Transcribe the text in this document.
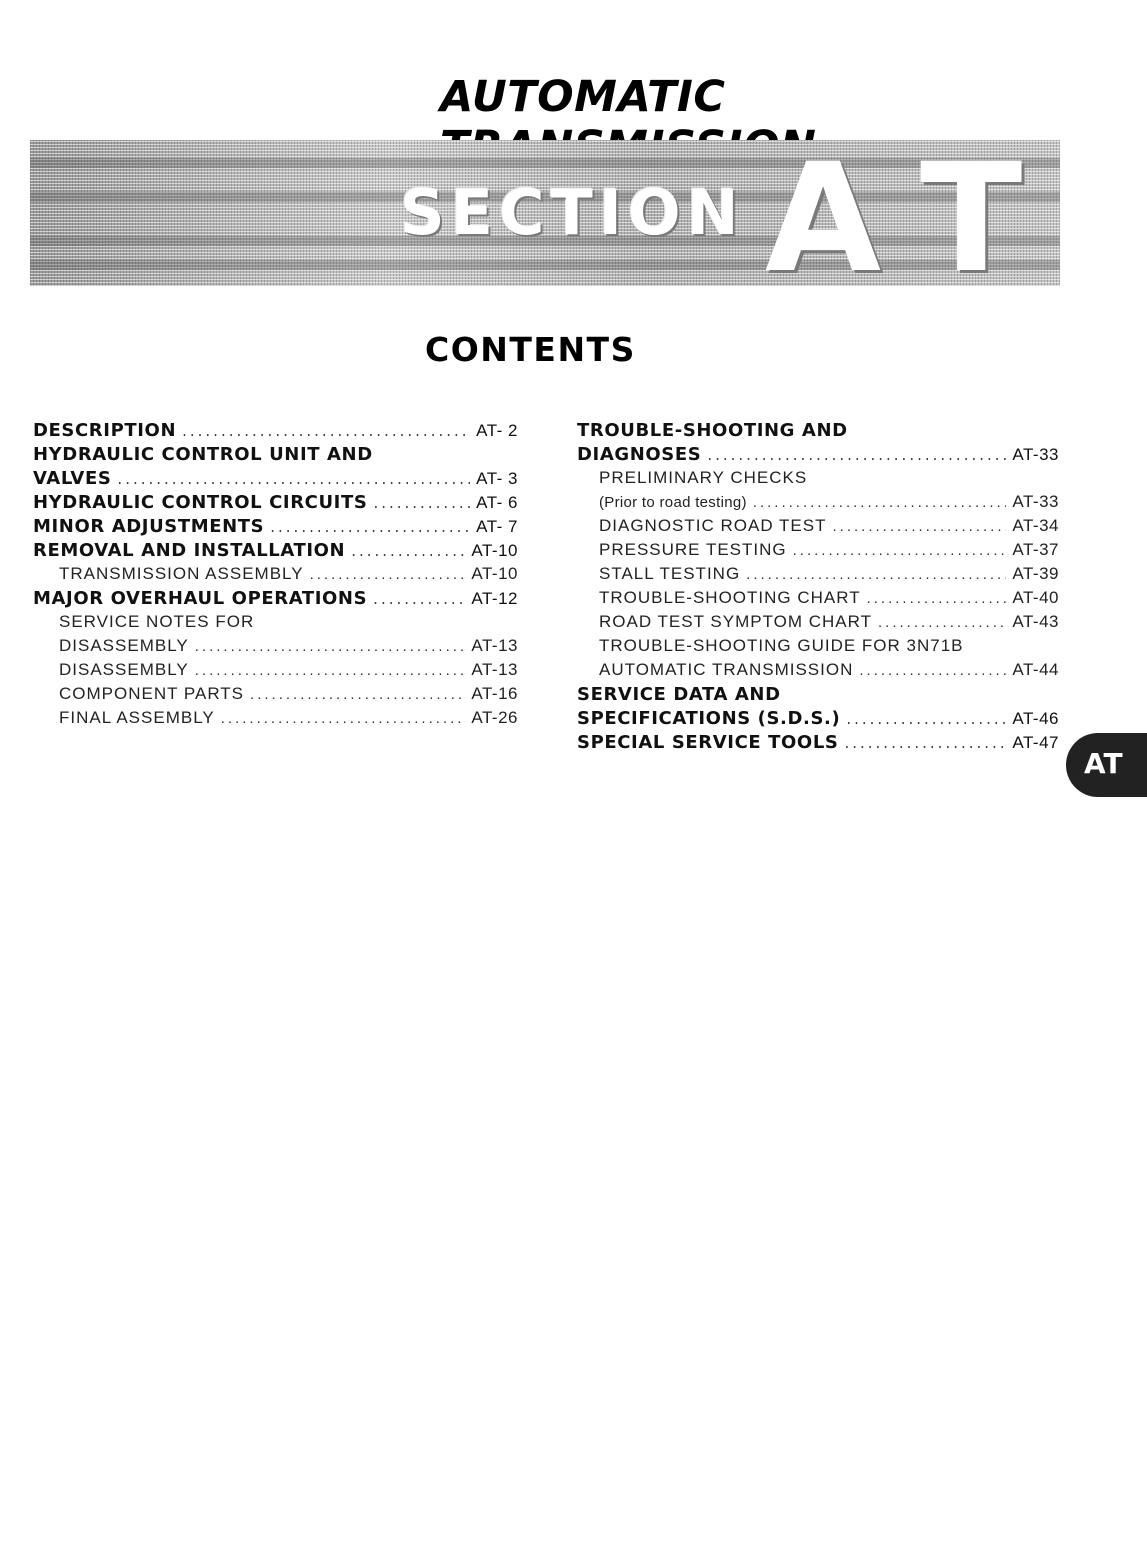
AUTOMATIC
SECTION A T
CONTENTS
DESCRIPTION .....	AT- 2
HYDRAULIC CONTROL UNIT AND
VALVES .....	AT- 3
HYDRAULIC CONTROL CIRCUITS .....	AT- 6
MINOR ADJUSTMENTS .....	AT- 7
REMOVAL AND INSTALLATION .....	AT-10
TRANSMISSION ASSEMBLY .....	AT-10
MAJOR OVERHAUL OPERATIONS .....	AT-12
SERVICE NOTES FOR
DISASSEMBLY .....	AT-13
DISASSEMBLY .....	AT-13
COMPONENT PARTS .....	AT-16
FINAL ASSEMBLY .....	AT-26
TROUBLE-SHOOTING AND
DIAGNOSES .....	AT-33
PRELIMINARY CHECKS
(Prior to road testing) .....	AT-33
DIAGNOSTIC ROAD TEST .....	AT-34
PRESSURE TESTING .....	AT-37
STALL TESTING .....	AT-39
TROUBLE-SHOOTING CHART .....	AT-40
ROAD TEST SYMPTOM CHART .....	AT-43
TROUBLE-SHOOTING GUIDE FOR 3N71B
AUTOMATIC TRANSMISSION .....	AT-44
SERVICE DATA AND
SPECIFICATIONS (S.D.S.) .....	AT-46
SPECIAL SERVICE TOOLS .....	AT-47
AT
